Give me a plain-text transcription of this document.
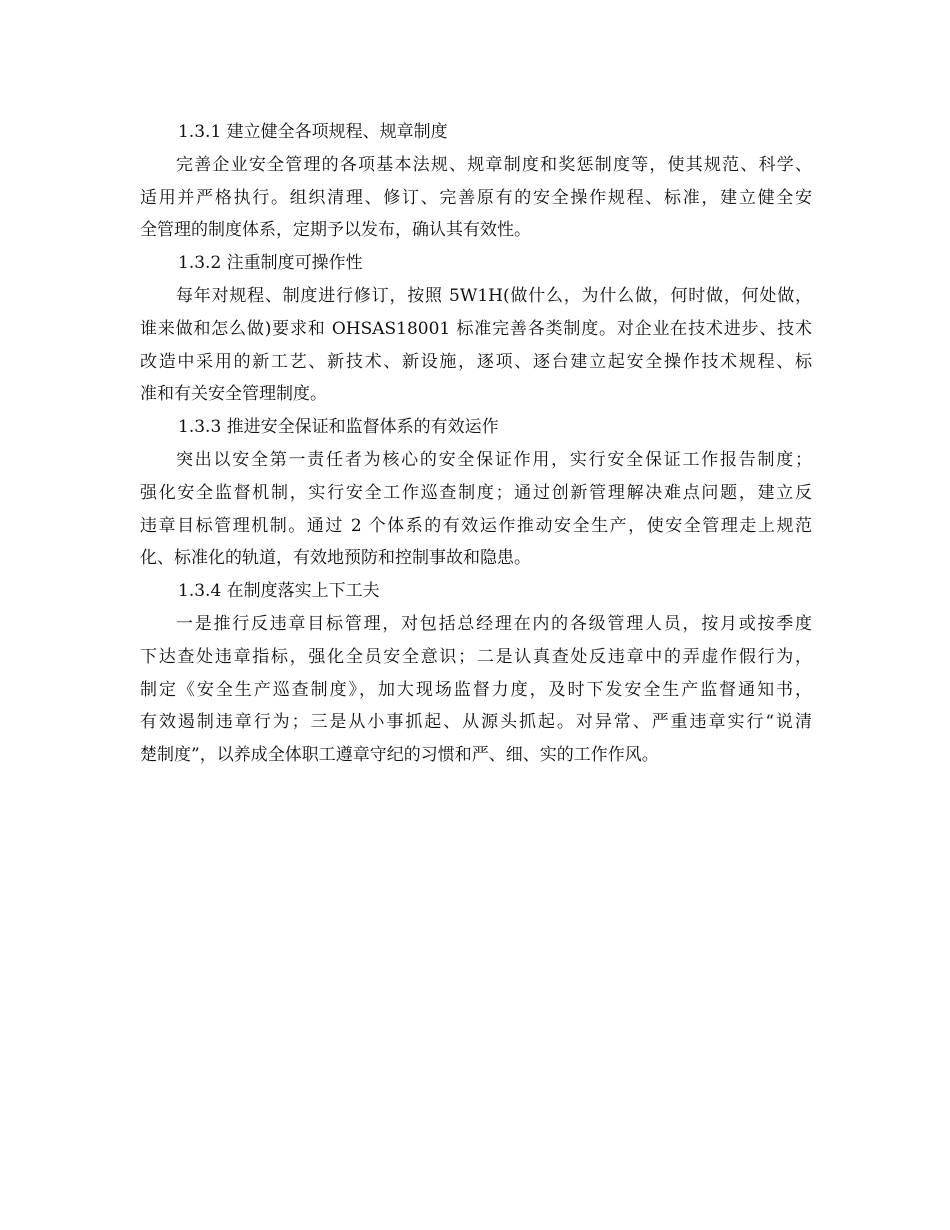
1.3.1 建立健全各项规程、规章制度
完善企业安全管理的各项基本法规、规章制度和奖惩制度等，使其规范、科学、
适用并严格执行。组织清理、修订、完善原有的安全操作规程、标准，建立健全安
全管理的制度体系，定期予以发布，确认其有效性。
1.3.2 注重制度可操作性
每年对规程、制度进行修订，按照 5W1H(做什么，为什么做，何时做，何处做，
谁来做和怎么做)要求和 OHSAS18001 标准完善各类制度。对企业在技术进步、技术
改造中采用的新工艺、新技术、新设施，逐项、逐台建立起安全操作技术规程、标
准和有关安全管理制度。
1.3.3 推进安全保证和监督体系的有效运作
突出以安全第一责任者为核心的安全保证作用，实行安全保证工作报告制度；
强化安全监督机制，实行安全工作巡查制度；通过创新管理解决难点问题，建立反
违章目标管理机制。通过 2 个体系的有效运作推动安全生产，使安全管理走上规范
化、标准化的轨道，有效地预防和控制事故和隐患。
1.3.4 在制度落实上下工夫
一是推行反违章目标管理，对包括总经理在内的各级管理人员，按月或按季度
下达查处违章指标，强化全员安全意识；二是认真查处反违章中的弄虚作假行为，
制定《安全生产巡查制度》，加大现场监督力度，及时下发安全生产监督通知书，
有效遏制违章行为；三是从小事抓起、从源头抓起。对异常、严重违章实行“说清
楚制度”，以养成全体职工遵章守纪的习惯和严、细、实的工作作风。
